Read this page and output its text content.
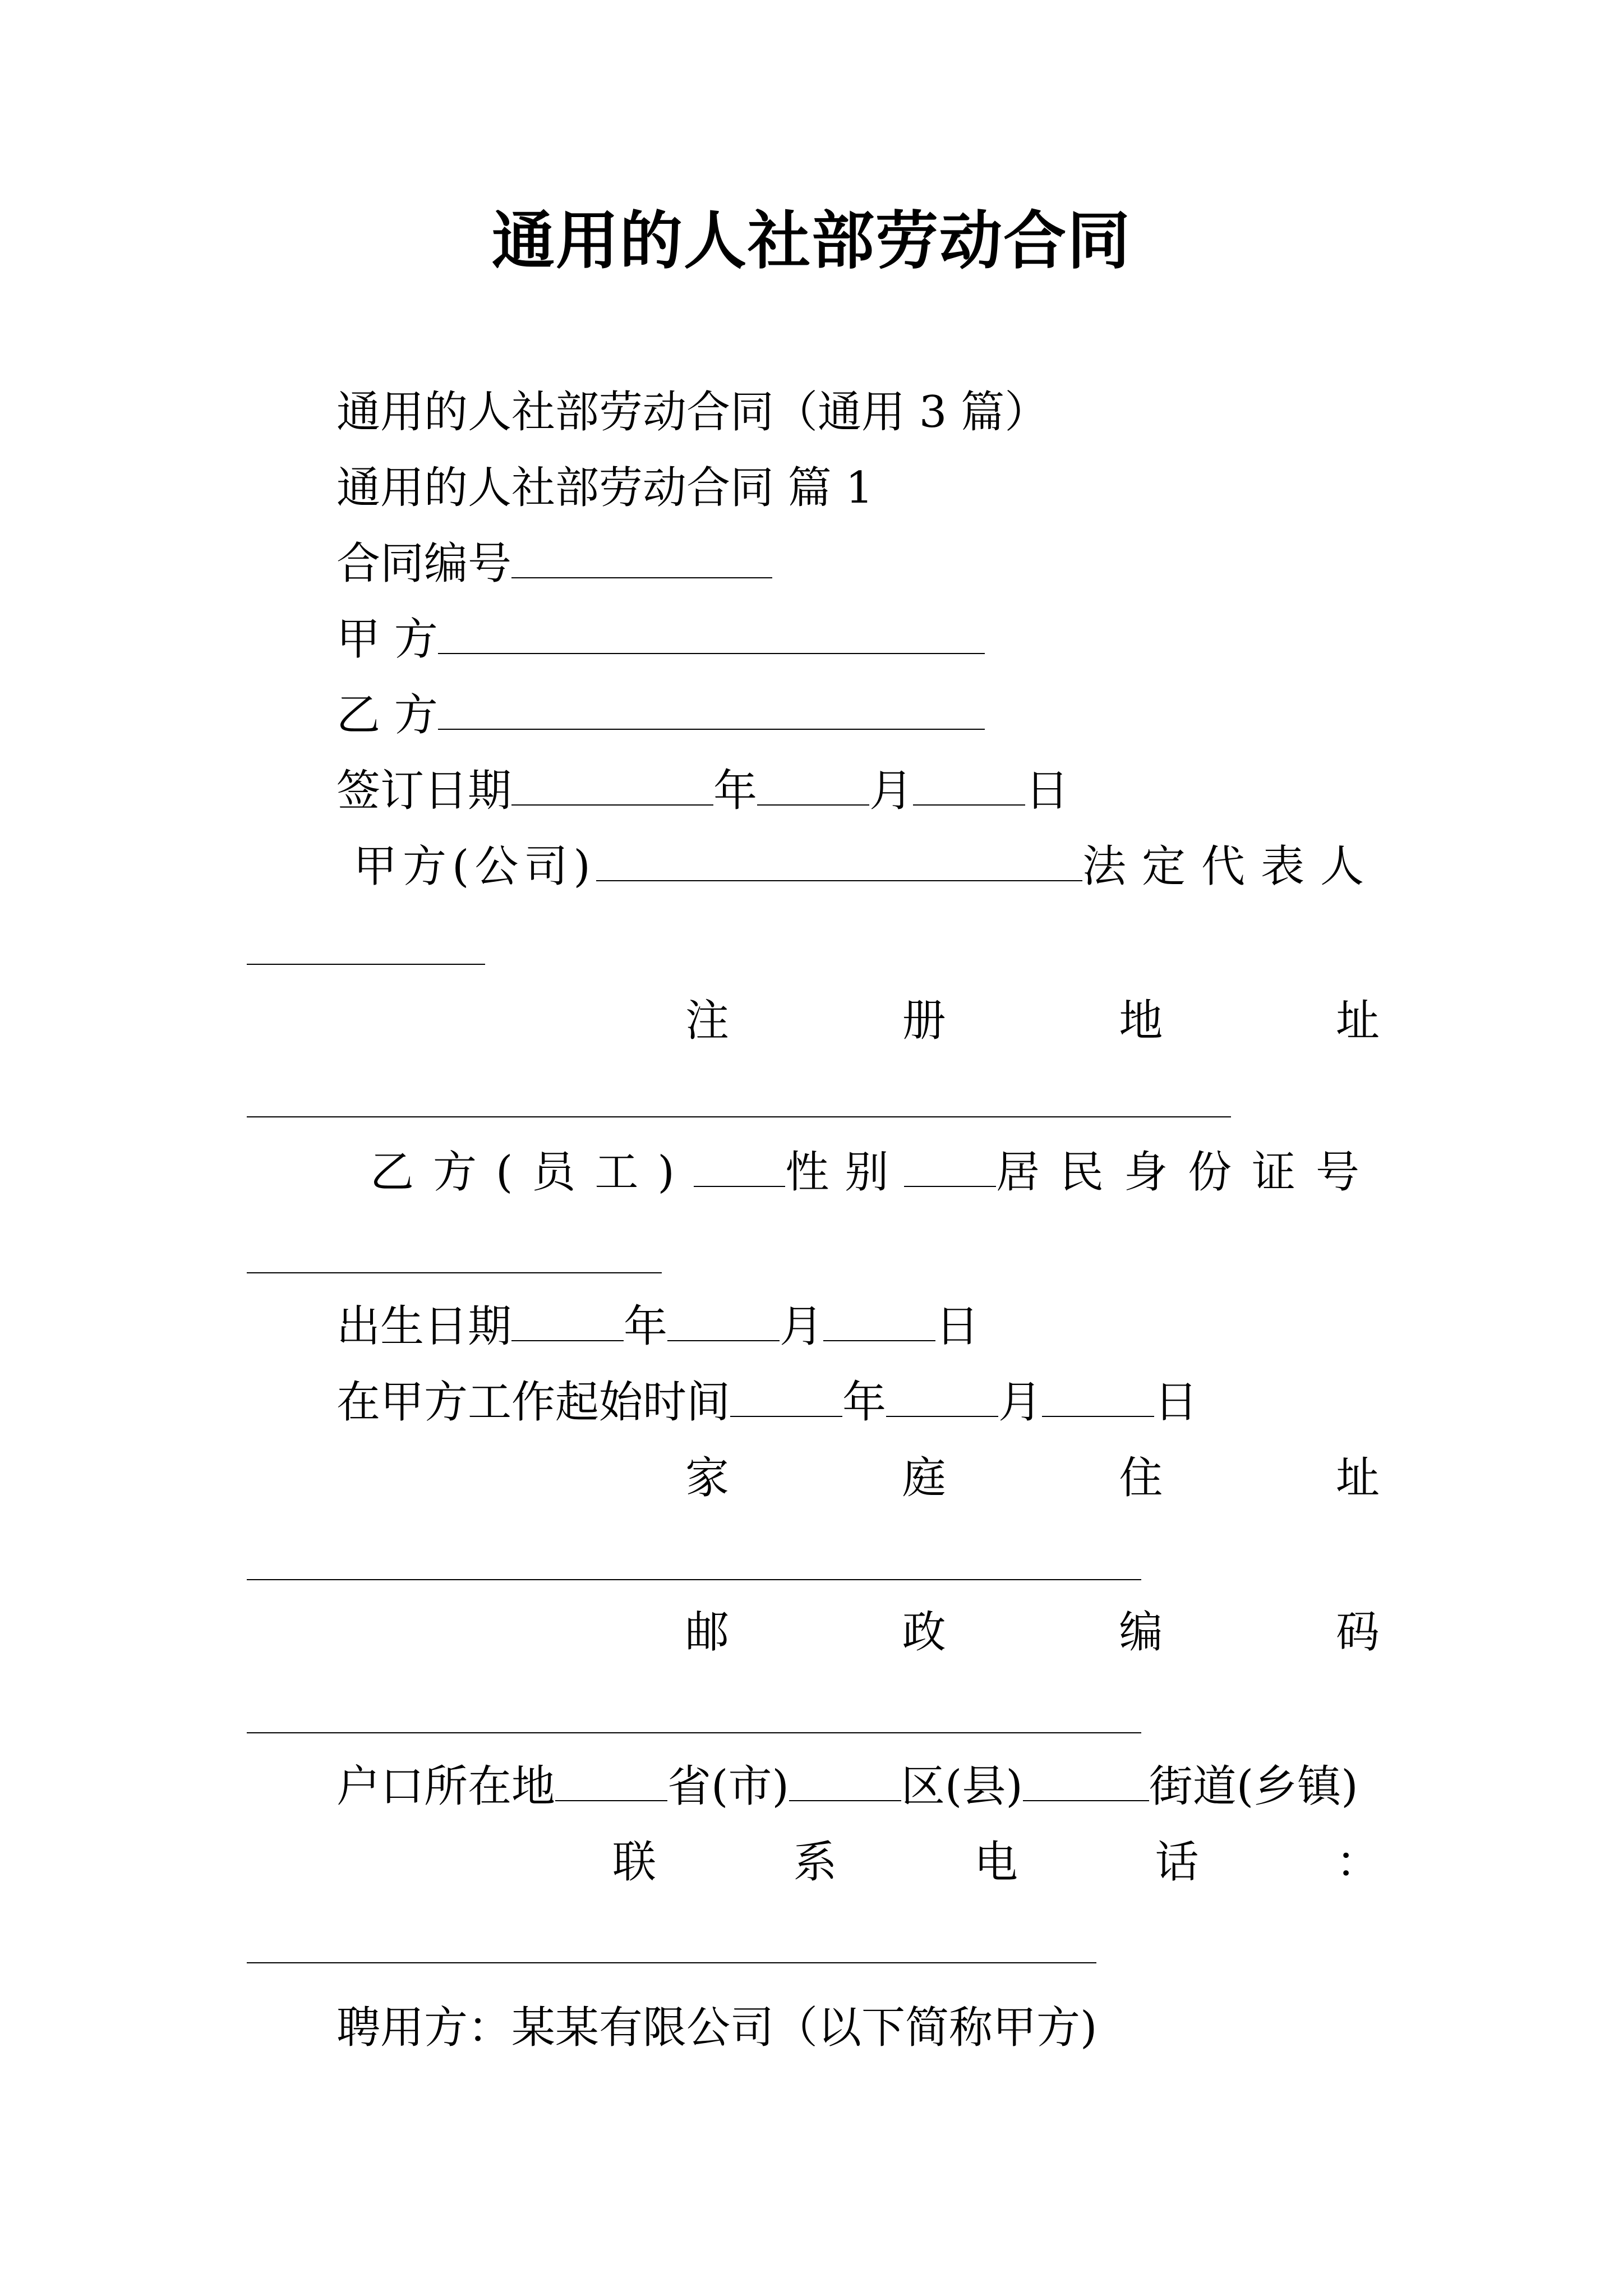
通用的人社部劳动合同
通用的人社部劳动合同（通用 3 篇）
通用的人社部劳动合同 篇 1
合同编号
甲 方
乙 方
签订日期	年	月	日
甲方(公司)	法定代表人
注	册	地	址
乙方(员工) 性别 居民身份证号
出生日期	年	月	日
在甲方工作起始时间	年	月	日
家	庭	住	址
邮	政	编	码
户口所在地	省(市)	区(县)	街道(乡镇)
联	系	电	话	：
聘用方：某某有限公司（以下简称甲方)
